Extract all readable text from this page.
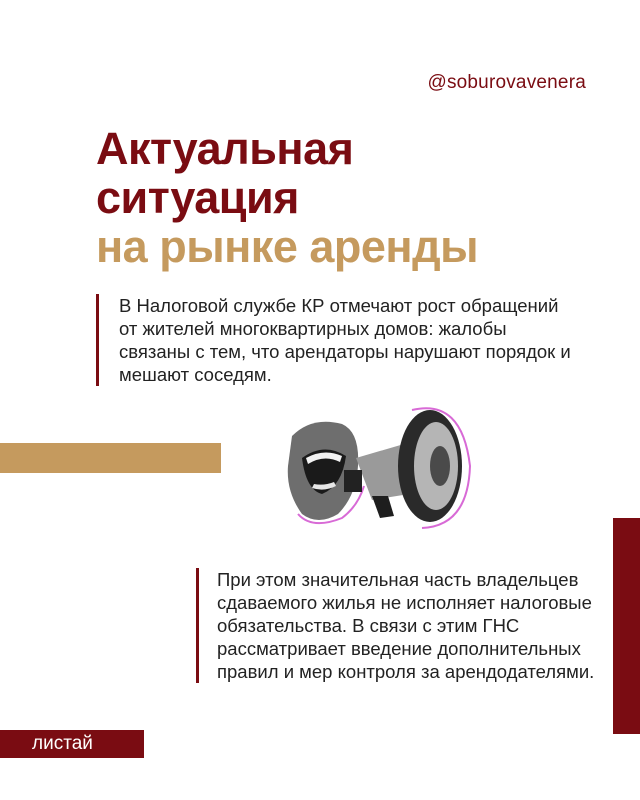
@soburovavenera
Актуальная
ситуация
на рынке аренды
В Налоговой службе КР отмечают рост обращений от жителей многоквартирных домов: жалобы связаны с тем, что арендаторы нарушают порядок и мешают соседям.
При этом значительная часть владельцев сдаваемого жилья не исполняет налоговые обязательства. В связи с этим ГНС рассматривает введение дополнительных правил и мер контроля за арендодателями.
листай
